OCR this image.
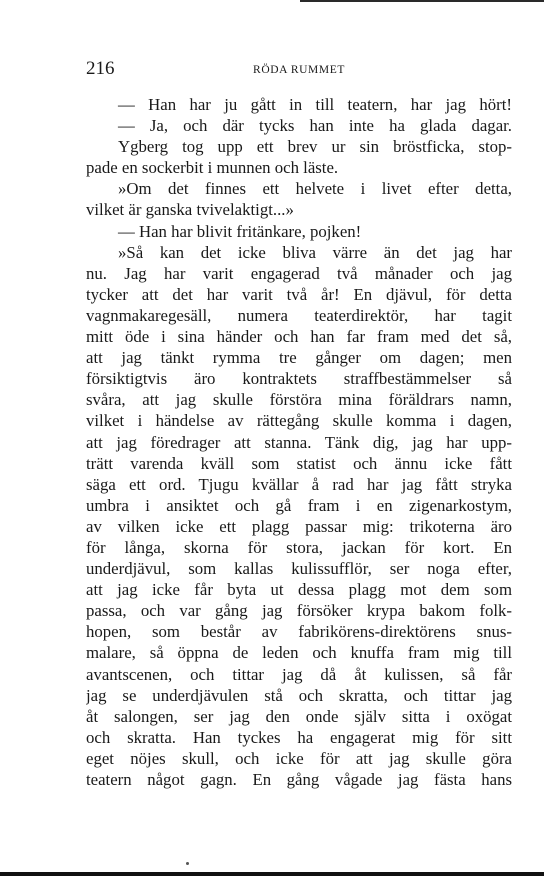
216	RÖDA RUMMET
— Han har ju gått in till teatern, har jag hört!
— Ja, och där tycks han inte ha glada dagar.
Ygberg tog upp ett brev ur sin bröstficka, stop-
pade en sockerbit i munnen och läste.
»Om det finnes ett helvete i livet efter detta,
vilket är ganska tvivelaktigt...»
— Han har blivit fritänkare, pojken!
»Så kan det icke bliva värre än det jag har
nu. Jag har varit engagerad två månader och jag
tycker att det har varit två år! En djävul, för detta
vagnmakaregesäll, numera teaterdirektör, har tagit
mitt öde i sina händer och han far fram med det så,
att jag tänkt rymma tre gånger om dagen; men
försiktigtvis äro kontraktets straffbestämmelser så
svåra, att jag skulle förstöra mina föräldrars namn,
vilket i händelse av rättegång skulle komma i dagen,
att jag föredrager att stanna. Tänk dig, jag har upp-
trätt varenda kväll som statist och ännu icke fått
säga ett ord. Tjugu kvällar å rad har jag fått stryka
umbra i ansiktet och gå fram i en zigenarkostym,
av vilken icke ett plagg passar mig: trikoterna äro
för långa, skorna för stora, jackan för kort. En
underdjävul, som kallas kulissufflör, ser noga efter,
att jag icke får byta ut dessa plagg mot dem som
passa, och var gång jag försöker krypa bakom folk-
hopen, som består av fabrikörens-direktörens snus-
malare, så öppna de leden och knuffa fram mig till
avantscenen, och tittar jag då åt kulissen, så får
jag se underdjävulen stå och skratta, och tittar jag
åt salongen, ser jag den onde själv sitta i oxögat
och skratta. Han tyckes ha engagerat mig för sitt
eget nöjes skull, och icke för att jag skulle göra
teatern något gagn. En gång vågade jag fästa hans
